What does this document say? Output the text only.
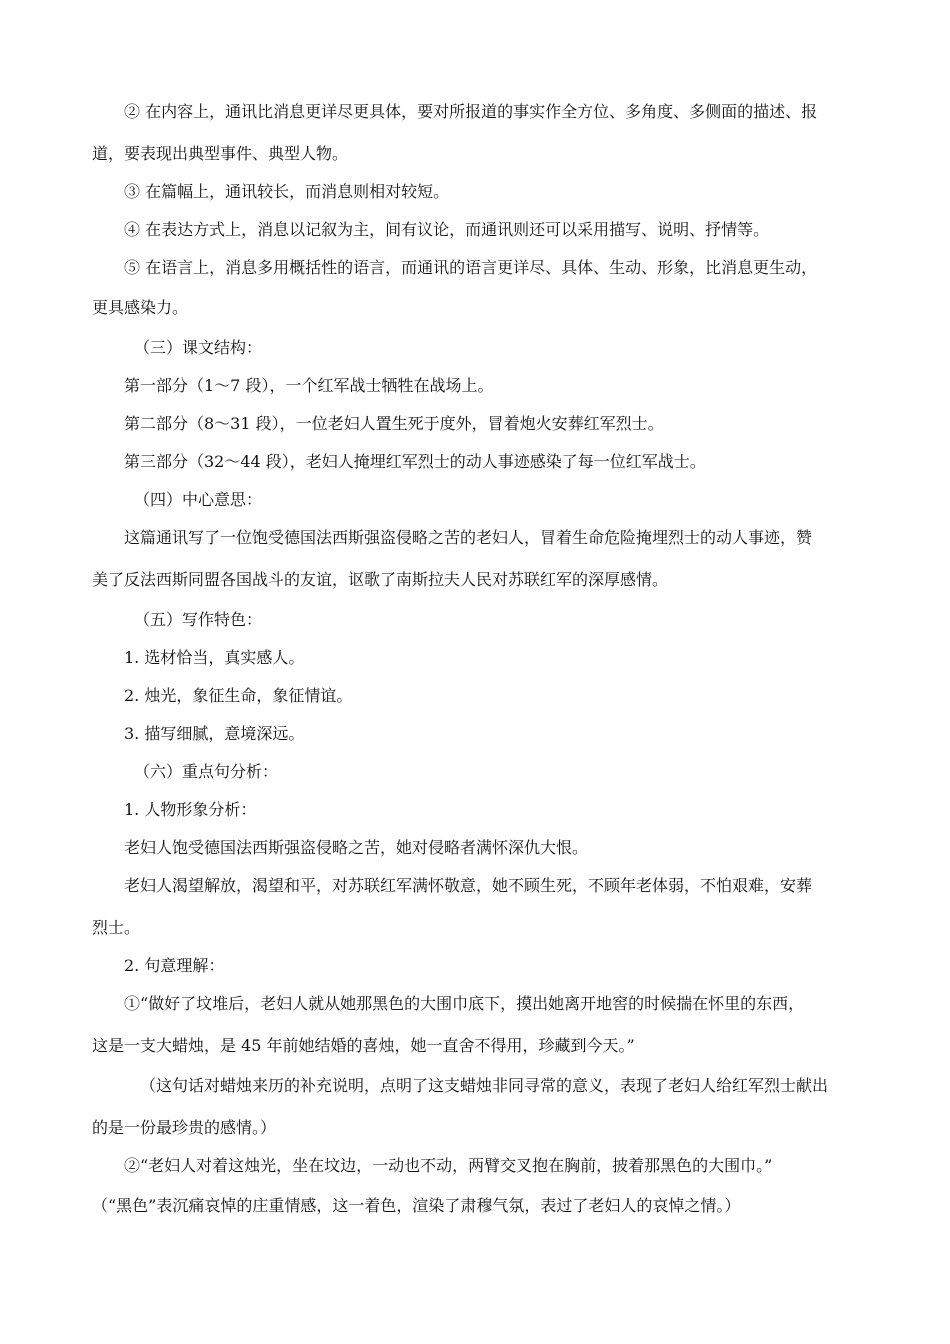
② 在内容上，通讯比消息更详尽更具体，要对所报道的事实作全方位、多角度、多侧面的描述、报
道，要表现出典型事件、典型人物。
③ 在篇幅上，通讯较长，而消息则相对较短。
④ 在表达方式上，消息以记叙为主，间有议论，而通讯则还可以采用描写、说明、抒情等。
⑤ 在语言上，消息多用概括性的语言，而通讯的语言更详尽、具体、生动、形象，比消息更生动，
更具感染力。
（三）课文结构：
第一部分（1～7 段），一个红军战士牺牲在战场上。
第二部分（8～31 段），一位老妇人置生死于度外，冒着炮火安葬红军烈士。
第三部分（32～44 段），老妇人掩埋红军烈士的动人事迹感染了每一位红军战士。
（四）中心意思：
这篇通讯写了一位饱受德国法西斯强盗侵略之苦的老妇人，冒着生命危险掩埋烈士的动人事迹，赞
美了反法西斯同盟各国战斗的友谊，讴歌了南斯拉夫人民对苏联红军的深厚感情。
（五）写作特色：
1. 选材恰当，真实感人。
2. 烛光，象征生命，象征情谊。
3. 描写细腻，意境深远。
（六）重点句分析：
1. 人物形象分析：
老妇人饱受德国法西斯强盗侵略之苦，她对侵略者满怀深仇大恨。
老妇人渴望解放，渴望和平，对苏联红军满怀敬意，她不顾生死，不顾年老体弱，不怕艰难，安葬
烈士。
2. 句意理解：
①“做好了坟堆后，老妇人就从她那黑色的大围巾底下，摸出她离开地窖的时候揣在怀里的东西，
这是一支大蜡烛，是 45 年前她结婚的喜烛，她一直舍不得用，珍藏到今天。”
（这句话对蜡烛来历的补充说明，点明了这支蜡烛非同寻常的意义，表现了老妇人给红军烈士献出
的是一份最珍贵的感情。）
②“老妇人对着这烛光，坐在坟边，一动也不动，两臂交叉抱在胸前，披着那黑色的大围巾。”
（“黑色”表沉痛哀悼的庄重情感，这一着色，渲染了肃穆气氛，表过了老妇人的哀悼之情。）
